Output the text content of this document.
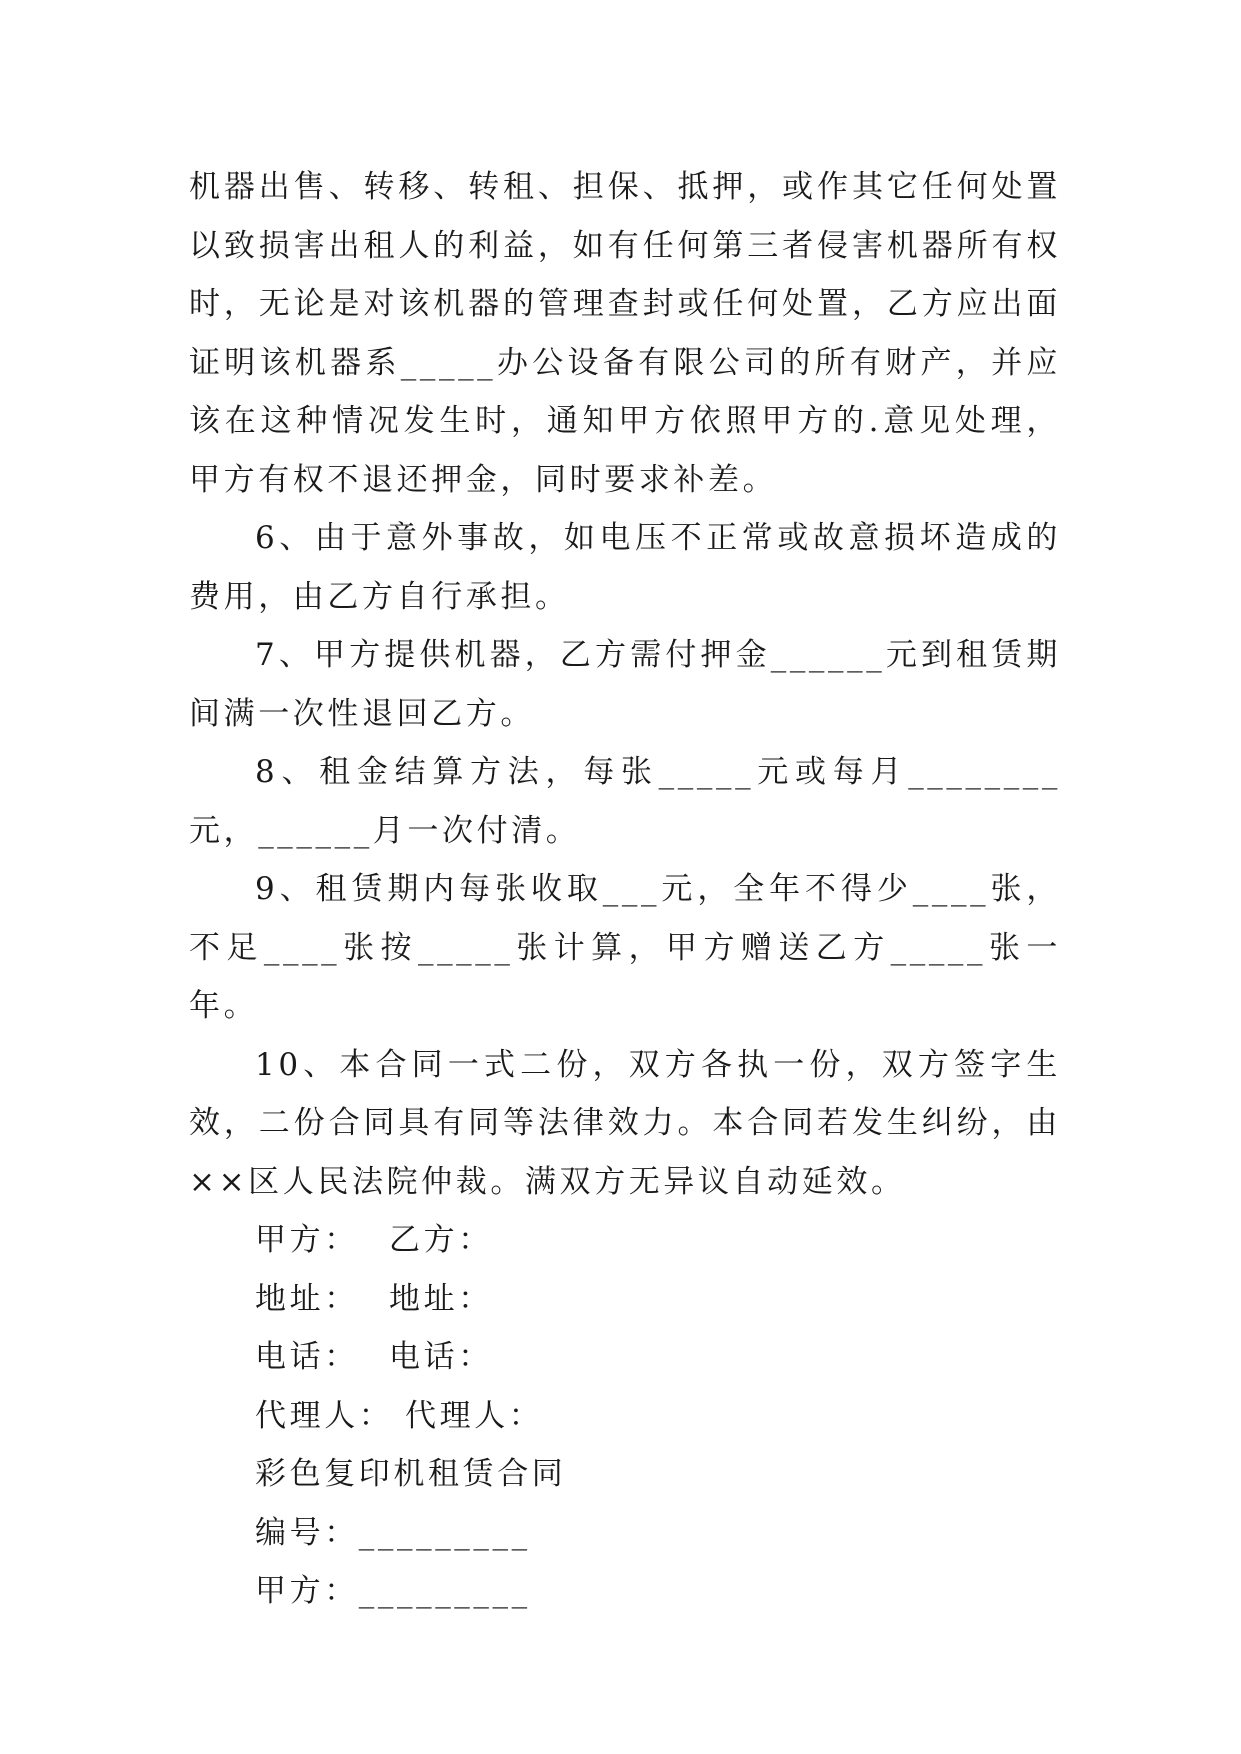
机器出售、转移、转租、担保、抵押，或作其它任何处置以致损害出租人的利益，如有任何第三者侵害机器所有权时，无论是对该机器的管理查封或任何处置，乙方应出面证明该机器系_____办公设备有限公司的所有财产，并应该在这种情况发生时，通知甲方依照甲方的.意见处理，甲方有权不退还押金，同时要求补差。

6、由于意外事故，如电压不正常或故意损坏造成的费用，由乙方自行承担。

7、甲方提供机器，乙方需付押金______元到租赁期间满一次性退回乙方。

8、租金结算方法，每张_____元或每月________元，______月一次付清。

9、租赁期内每张收取___元，全年不得少____张，不足____张按_____张计算，甲方赠送乙方_____张一年。

10、本合同一式二份，双方各执一份，双方签字生效，二份合同具有同等法律效力。本合同若发生纠纷，由××区人民法院仲裁。满双方无异议自动延效。

甲方： 乙方：
地址： 地址：
电话： 电话：
代理人： 代理人：
彩色复印机租赁合同
编号：_________
甲方：_________
